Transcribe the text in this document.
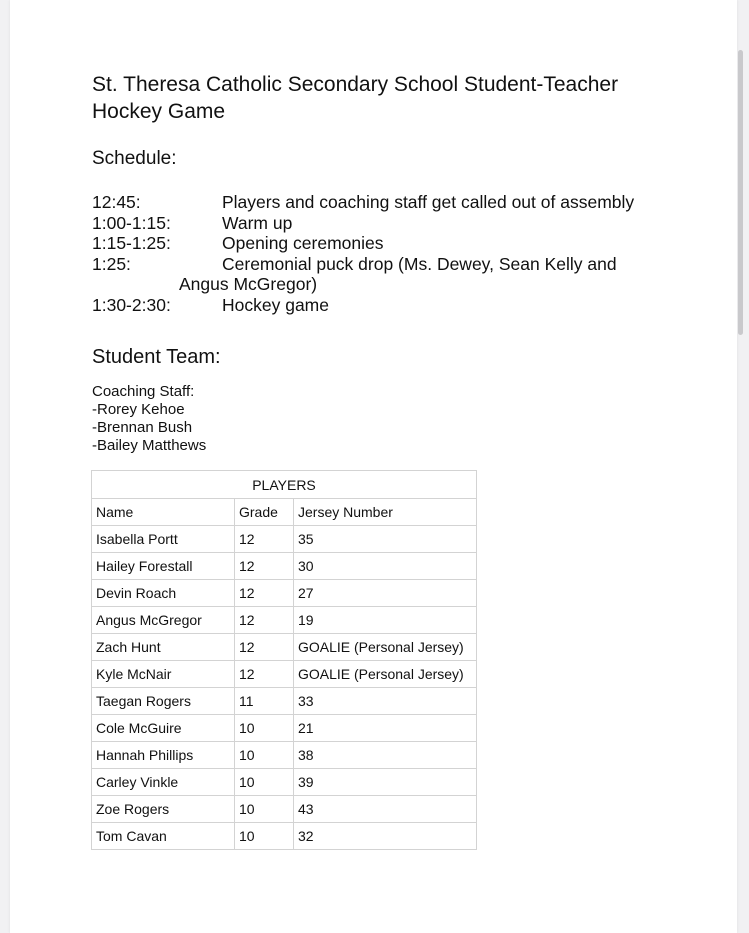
St. Theresa Catholic Secondary School Student-Teacher Hockey Game
Schedule:
12:45:	Players and coaching staff get called out of assembly
1:00-1:15:	Warm up
1:15-1:25:	Opening ceremonies
1:25:	Ceremonial puck drop (Ms. Dewey, Sean Kelly and
Angus McGregor)
1:30-2:30:	Hockey game
Student Team:
Coaching Staff:
-Rorey Kehoe
-Brennan Bush
-Bailey Matthews
PLAYERS		
Name	Grade	Jersey Number
Isabella Portt	12	35
Hailey Forestall	12	30
Devin Roach	12	27
Angus McGregor	12	19
Zach Hunt	12	GOALIE (Personal Jersey)
Kyle McNair	12	GOALIE (Personal Jersey)
Taegan Rogers	11	33
Cole McGuire	10	21
Hannah Phillips	10	38
Carley Vinkle	10	39
Zoe Rogers	10	43
Tom Cavan	10	32
